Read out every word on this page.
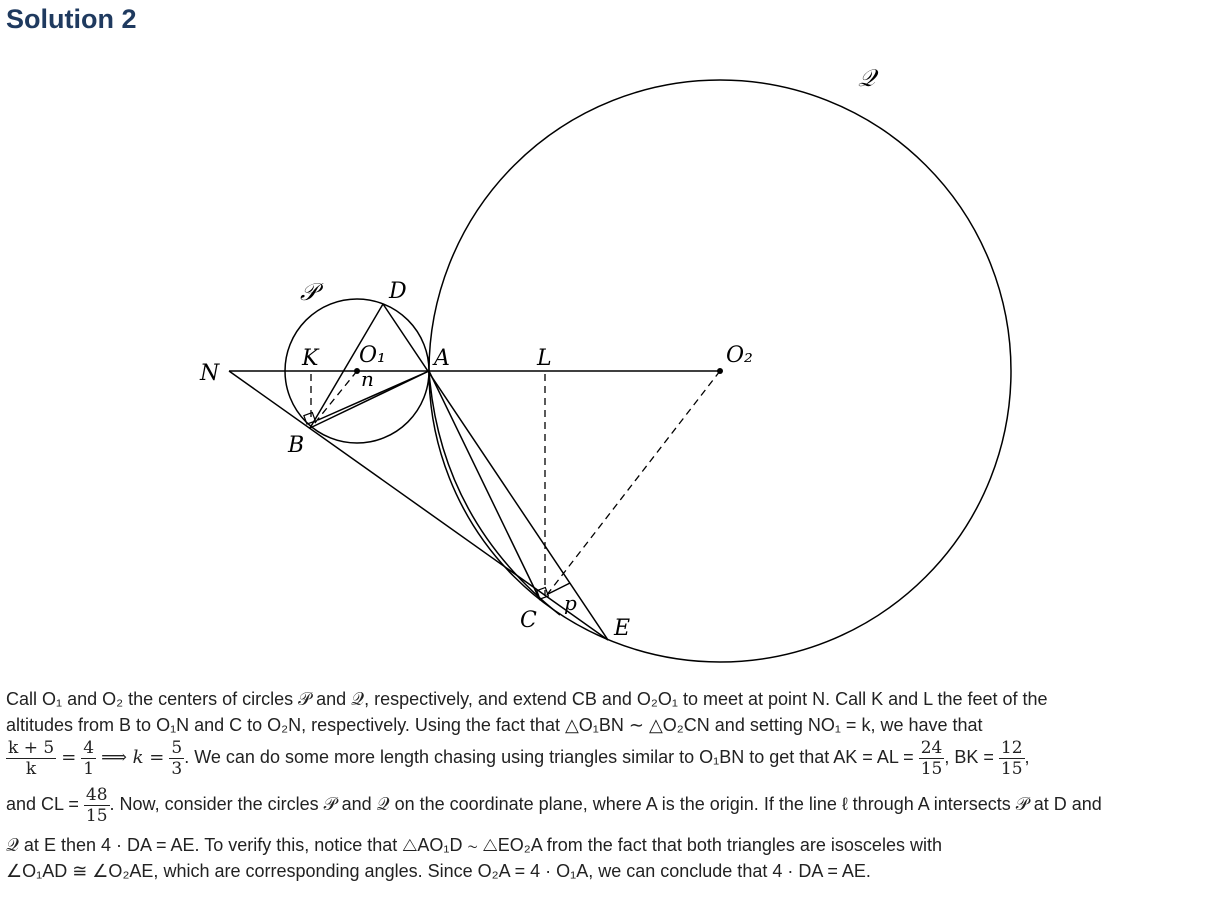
Solution 2
𝒬
𝒫	D
N
K O₁ A	L	O₂
n
B
C
p
E
Call O₁ and O₂ the centers of circles 𝒫 and 𝒬, respectively, and extend CB and O₂O₁ to meet at point N. Call K and L the feet of the
altitudes from B to O₁N and C to O₂N, respectively. Using the fact that △O₁BN ∼ △O₂CN and setting NO₁ = k, we have that
$\frac{k + 5}{k} = \frac{4}{1}$ ⟹ $k = \frac{5}{3}$ . We can do some more length chasing using triangles similar to O₁BN to get that AK = AL = $\frac{24}{15}$ , BK = $\frac{12}{15}$ ,
and CL = $\frac{48}{15}$ . Now, consider the circles 𝒫 and 𝒬 on the coordinate plane, where A is the origin. If the line ℓ through A intersects 𝒫 at D and
𝒬 at E then 4 · DA = AE. To verify this, notice that △AO₁D ∼ △EO₂A from the fact that both triangles are isosceles with
∠O₁AD ≅ ∠O₂AE, which are corresponding angles. Since O₂A = 4 · O₁A, we can conclude that 4 · DA = AE.
